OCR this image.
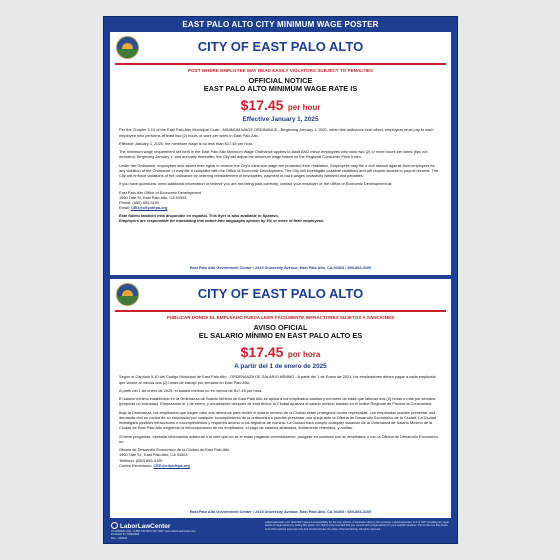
EAST PALO ALTO CITY MINIMUM WAGE POSTER
CITY OF EAST PALO ALTO
POST WHERE EMPLOYEE MAY READ EASILY VIOLATORS SUBJECT TO PENALTIES
OFFICIAL NOTICE
EAST PALO ALTO MINIMUM WAGE RATE IS
$17.45 per hour
Effective January 1, 2025

Per the Chapter 5.10 of the East Palo Alto Municipal Code - MINIMUM WAGE ORDINANCE - Beginning January 1, 2021, when this ordinance took effect, employers must pay to each employee who performs at least two (2) hours of work per week in East Palo Alto.

Effective January 1, 2025, the minimum wage is no less than $17.45 per hour.

The minimum wage requirement set forth in the East Palo Alto Minimum Wage Ordinance applies to adult AND minor employees who work two (2) or more hours per week (tips not included). Beginning January 1, and annually thereafter, the City will adjust the minimum wage based on the Regional Consumer Price Index.

Under the Ordinance, employees who assert their rights to receive the City's minimum wage are protected from retaliation. Employees may file a civil lawsuit against their employers for any violation of the Ordinance or may file a complaint with the Office of Economic Development. The City will investigate possible violations and will require access to payroll records. The City will enforce violations of the ordinance by ordering reinstatement of employees, payment of back wages unlawfully withheld and penalties.

If you have questions, need additional information or believe you are not being paid correctly, contact your employer or the Office of Economic Development at:

East Palo Alto Office of Economic Development
1960 Tate St, East Palo Alto, CA 94303
Phone: (650) 853-3100
Email: CED@cityofepa.org
Este folleto también está disponible en español. This flyer is also available in Spanish.
Employers are responsible for translating this notice into languages spoken by 5% or more of their employees.
East Palo Alto Government Center • 2415 University Avenue, East Palo Alto, CA 94303 • 650-853-3100
CITY OF EAST PALO ALTO
PUBLICAR DONDE EL EMPLEADO PUEDA LEER FÁCILMENTE INFRACTORES SUJETOS A SANCIONES
AVISO OFICIAL
EL SALARIO MÍNIMO EN EAST PALO ALTO ES
$17.45 por hora
A partir del 1 de enero de 2025

Según el Capítulo 5.10 del Código Municipal de East Palo Alto - ORDENANZA DE SALARIO MÍNIMO - A partir del 1 de Enero de 2021, los empleadores deben pagar a cada empleado que labore al menos dos (2) horas de trabajo por semana en East Palo Alto.

A partir del 1 de enero de 2025, el salario mínimo no es menos de $17.45 por hora.

El salario mínimo establecido en la Ordenanza de Salario Mínimo de East Palo Alto se aplica a los empleados adultos y menores de edad que laboran dos (2) horas o más por semana (propinas no incluidas). Empezando el 1 de enero, y anualmente después de esta fecha, la Ciudad ajustará el salario mínimo basado en el Índice Regional de Precios al Consumidor.

Bajo la Ordenanza, los empleados que hagan valer sus derechos para recibir el salario mínimo de la Ciudad están protegidos contra represalias. Los empleados pueden presentar una demanda civil en contra de su empleador por cualquier incumplimiento de la ordenanza o pueden presentar una queja ante la Oficina de Desarrollo Económico de la Ciudad. La Ciudad investigará posibles infracciones o incumplimientos y requerirá acceso a los registros de nómina. La Ciudad hará cumplir cualquier violación de la Ordenanza de Salario Mínimo de la Ciudad de East Palo Alto exigiendo la reincorporación de los empleados, el pago de salarios atrasados, ilícitamente retenidos, y multas.

Si tiene preguntas, necesita información adicional o si cree que no se le están pagando correctamente, póngase en contacto con su empleador o con la Oficina de Desarrollo Económico en:

Oficina de Desarrollo Económico de la Ciudad de East Palo Alto
1960 Tate St., East Palo Alto, CA 94303
Teléfono: (650) 853-3100
Correo Electrónico: CED@cityofepa.org
East Palo Alto Government Center • 2415 University Avenue, East Palo Alto, CA 94303 • 650-853-3100
LaborLawCenter
TO ORDER CALL: 1-800-745-9970 OR VISIT: www.LaborLawCenter.com
Produced for: PREVIEW
Rev.: 10/2024
LaborLawCenter, LLC does NOT assume responsibility for the use, actions, or business rules by the employer. LaborLawCenter, LLC is NOT providing any legal advice or legal opinion by selling this poster. It is highly recommended that you consult with a legal advisor for your specific situation. This content on this poster is for informational purposes only and should not take the place of formal training. All rights reserved.
